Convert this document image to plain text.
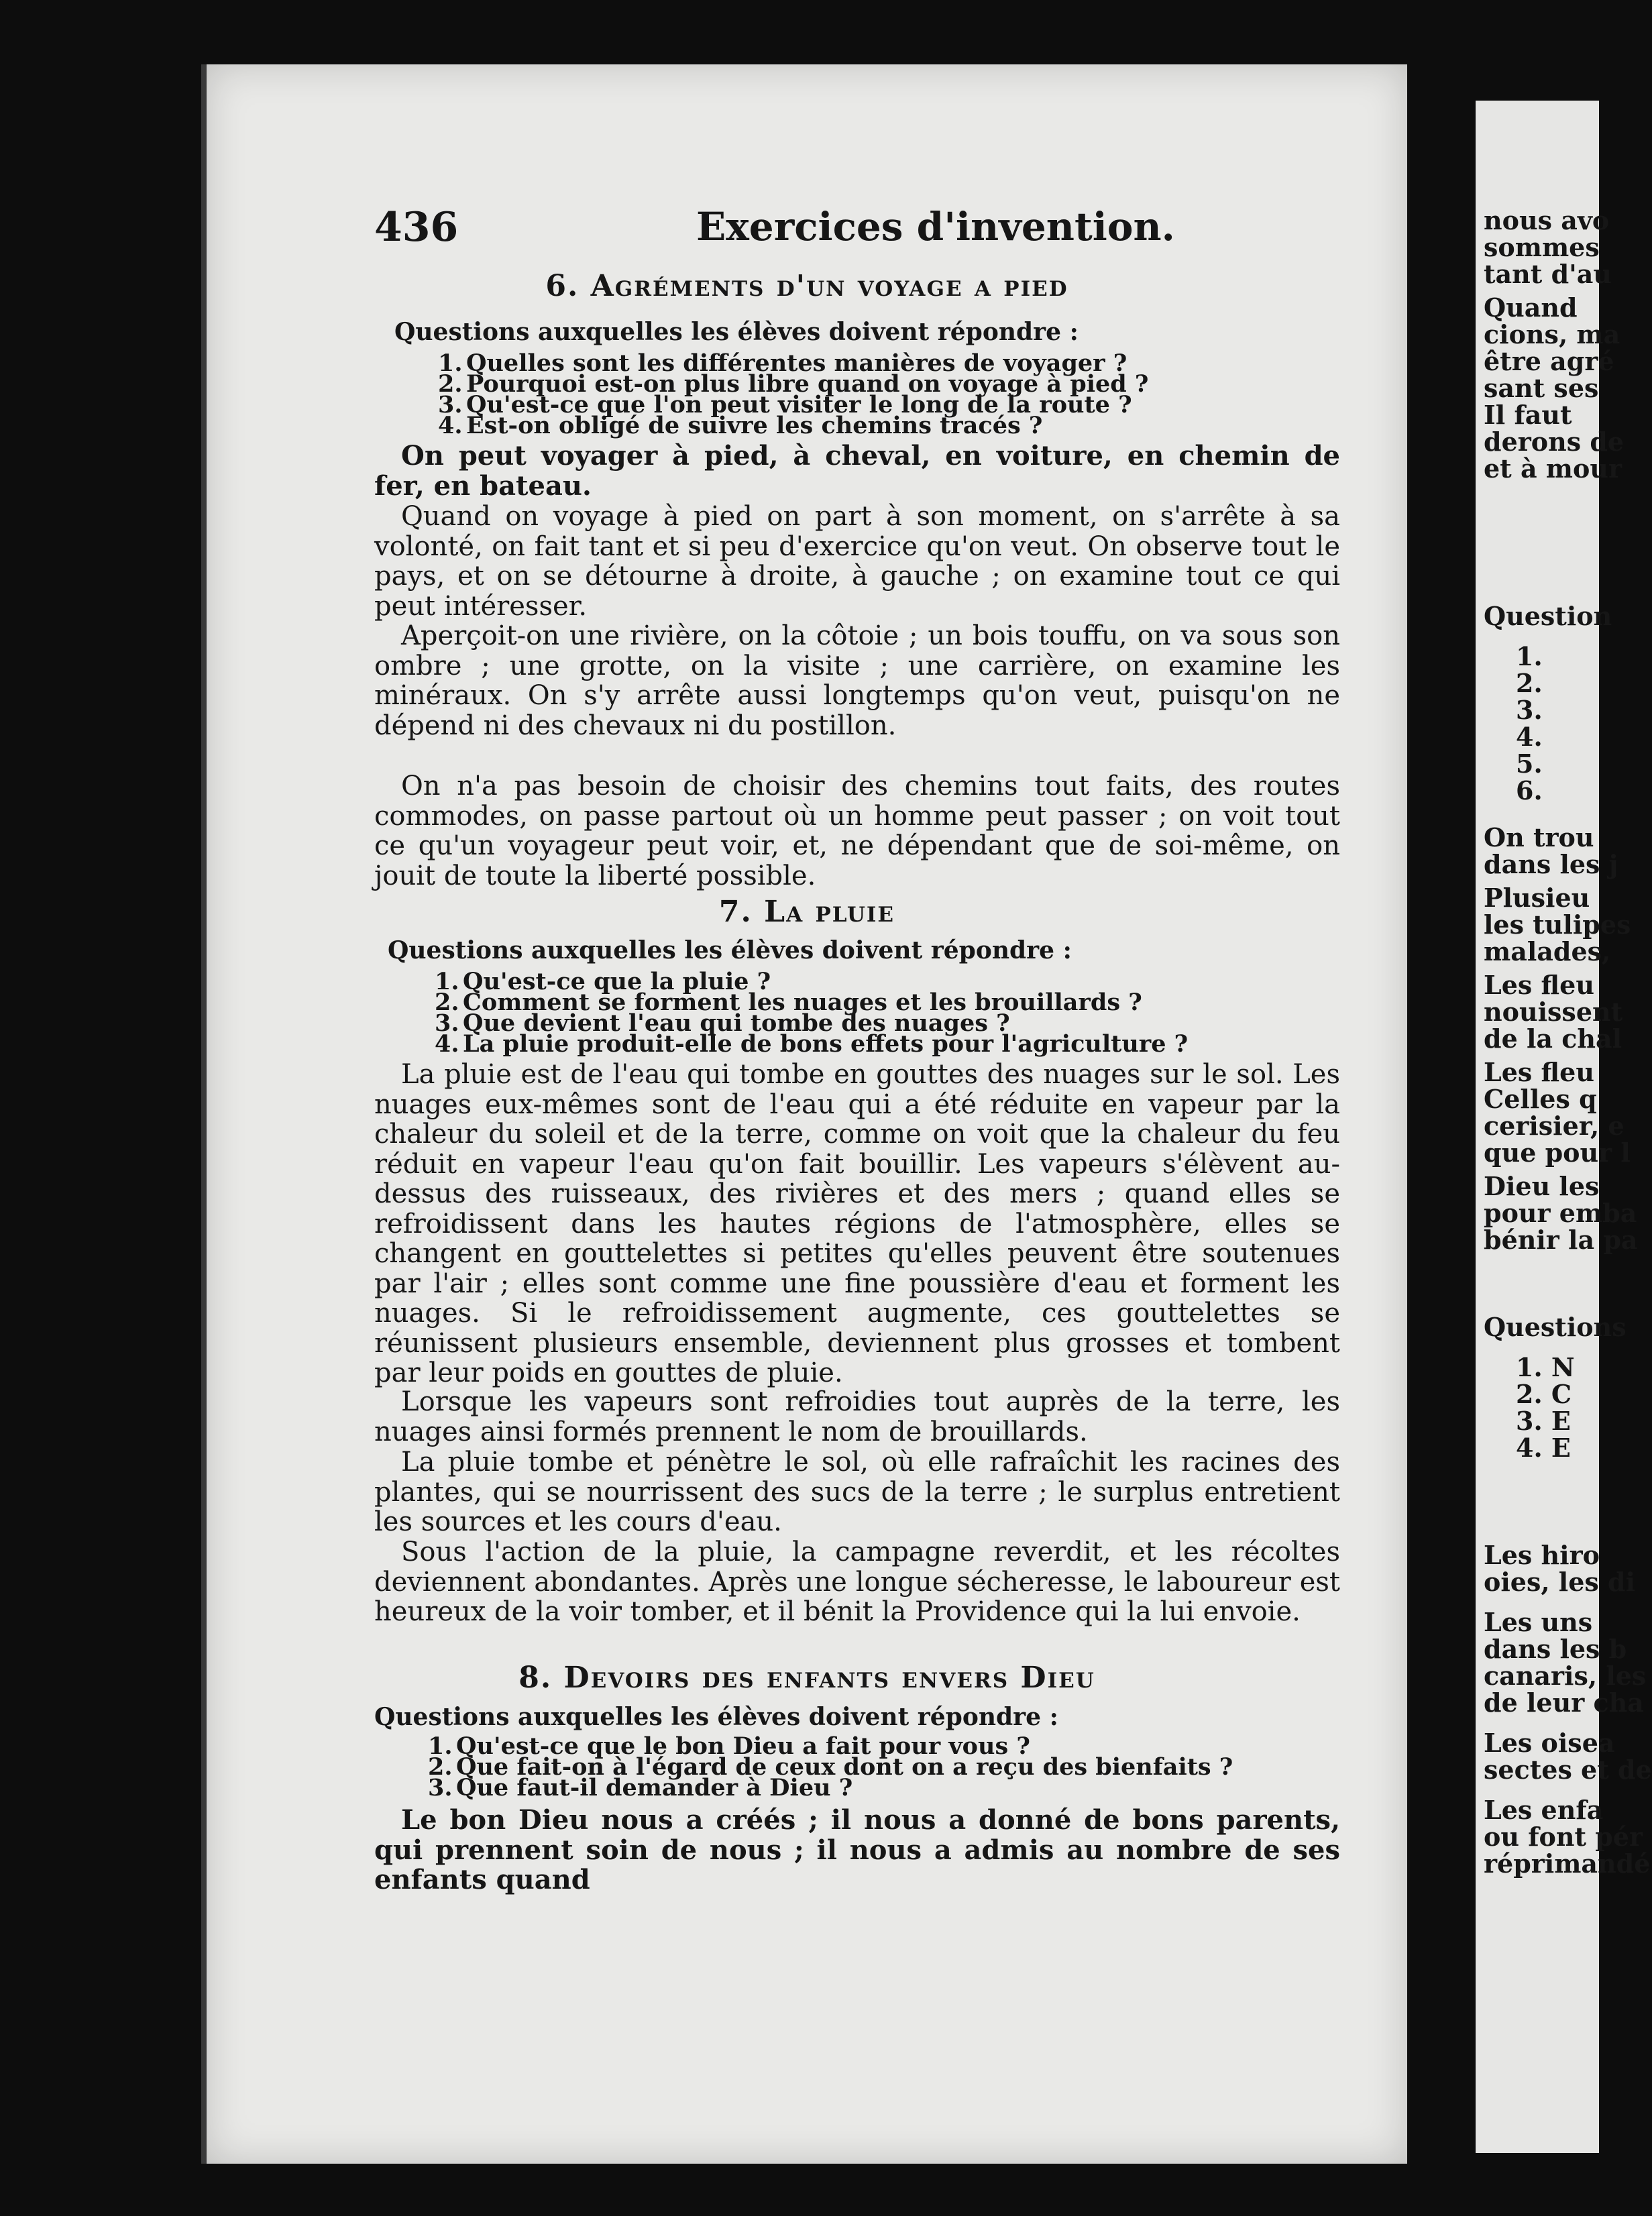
436	Exercices d'invention.
6. Agréments d'un voyage a pied
Questions auxquelles les élèves doivent répondre :
1. Quelles sont les différentes manières de voyager ?
2. Pourquoi est-on plus libre quand on voyage à pied ?
3. Qu'est-ce que l'on peut visiter le long de la route ?
4. Est-on obligé de suivre les chemins tracés ?

On peut voyager à pied, à cheval, en voiture, en chemin de fer, en bateau.

Quand on voyage à pied on part à son moment, on s'arrête à sa volonté, on fait tant et si peu d'exercice qu'on veut. On observe tout le pays, et on se détourne à droite, à gauche ; on examine tout ce qui peut intéresser.

Aperçoit-on une rivière, on la côtoie ; un bois touffu, on va sous son ombre ; une grotte, on la visite ; une carrière, on examine les minéraux. On s'y arrête aussi longtemps qu'on veut, puisqu'on ne dépend ni des chevaux ni du postillon.

On n'a pas besoin de choisir des chemins tout faits, des routes commodes, on passe partout où un homme peut passer ; on voit tout ce qu'un voyageur peut voir, et, ne dépendant que de soi-même, on jouit de toute la liberté possible.

7. La pluie
Questions auxquelles les élèves doivent répondre :
1. Qu'est-ce que la pluie ?
2. Comment se forment les nuages et les brouillards ?
3. Que devient l'eau qui tombe des nuages ?
4. La pluie produit-elle de bons effets pour l'agriculture ?

La pluie est de l'eau qui tombe en gouttes des nuages sur le sol. Les nuages eux-mêmes sont de l'eau qui a été réduite en vapeur par la chaleur du soleil et de la terre, comme on voit que la chaleur du feu réduit en vapeur l'eau qu'on fait bouillir. Les vapeurs s'élèvent au-dessus des ruisseaux, des rivières et des mers ; quand elles se refroidissent dans les hautes régions de l'atmosphère, elles se changent en gouttelettes si petites qu'elles peuvent être soutenues par l'air ; elles sont comme une fine poussière d'eau et forment les nuages. Si le refroidissement augmente, ces gouttelettes se réunissent plusieurs ensemble, deviennent plus grosses et tombent par leur poids en gouttes de pluie.

Lorsque les vapeurs sont refroidies tout auprès de la terre, les nuages ainsi formés prennent le nom de brouillards.

La pluie tombe et pénètre le sol, où elle rafraîchit les racines des plantes, qui se nourrissent des sucs de la terre ; le surplus entretient les sources et les cours d'eau.

Sous l'action de la pluie, la campagne reverdit, et les récoltes deviennent abondantes. Après une longue sécheresse, le laboureur est heureux de la voir tomber, et il bénit la Providence qui la lui envoie.

8. Devoirs des enfants envers Dieu
Questions auxquelles les élèves doivent répondre :
1. Qu'est-ce que le bon Dieu a fait pour vous ?
2. Que fait-on à l'égard de ceux dont on a reçu des bienfaits ?
3. Que faut-il demander à Dieu ?

Le bon Dieu nous a créés ; il nous a donné de bons parents, qui prennent soin de nous ; il nous a admis au nombre de ses enfants quand

nous avo
sommes
tant d'au
Quand
cions, ma
être agré
sant ses
Il faut
derons de
et à mour
Question
1.
2.
3.
4.
5.
6.
On trou
dans les j
Plusieu
les tulipes
malades,
Les fleu
nouissent
de la chal
Les fleu
Celles q
cerisier, e
que pour l
Dieu les
pour emba
bénir la pa
Questions
1. N
2. C
3. E
4. E
Les hiro
oies, les di
Les uns
dans les b
canaris, les
de leur cha
Les oiseа
sectes et de
Les enfa
ou font pér
réprimandé
